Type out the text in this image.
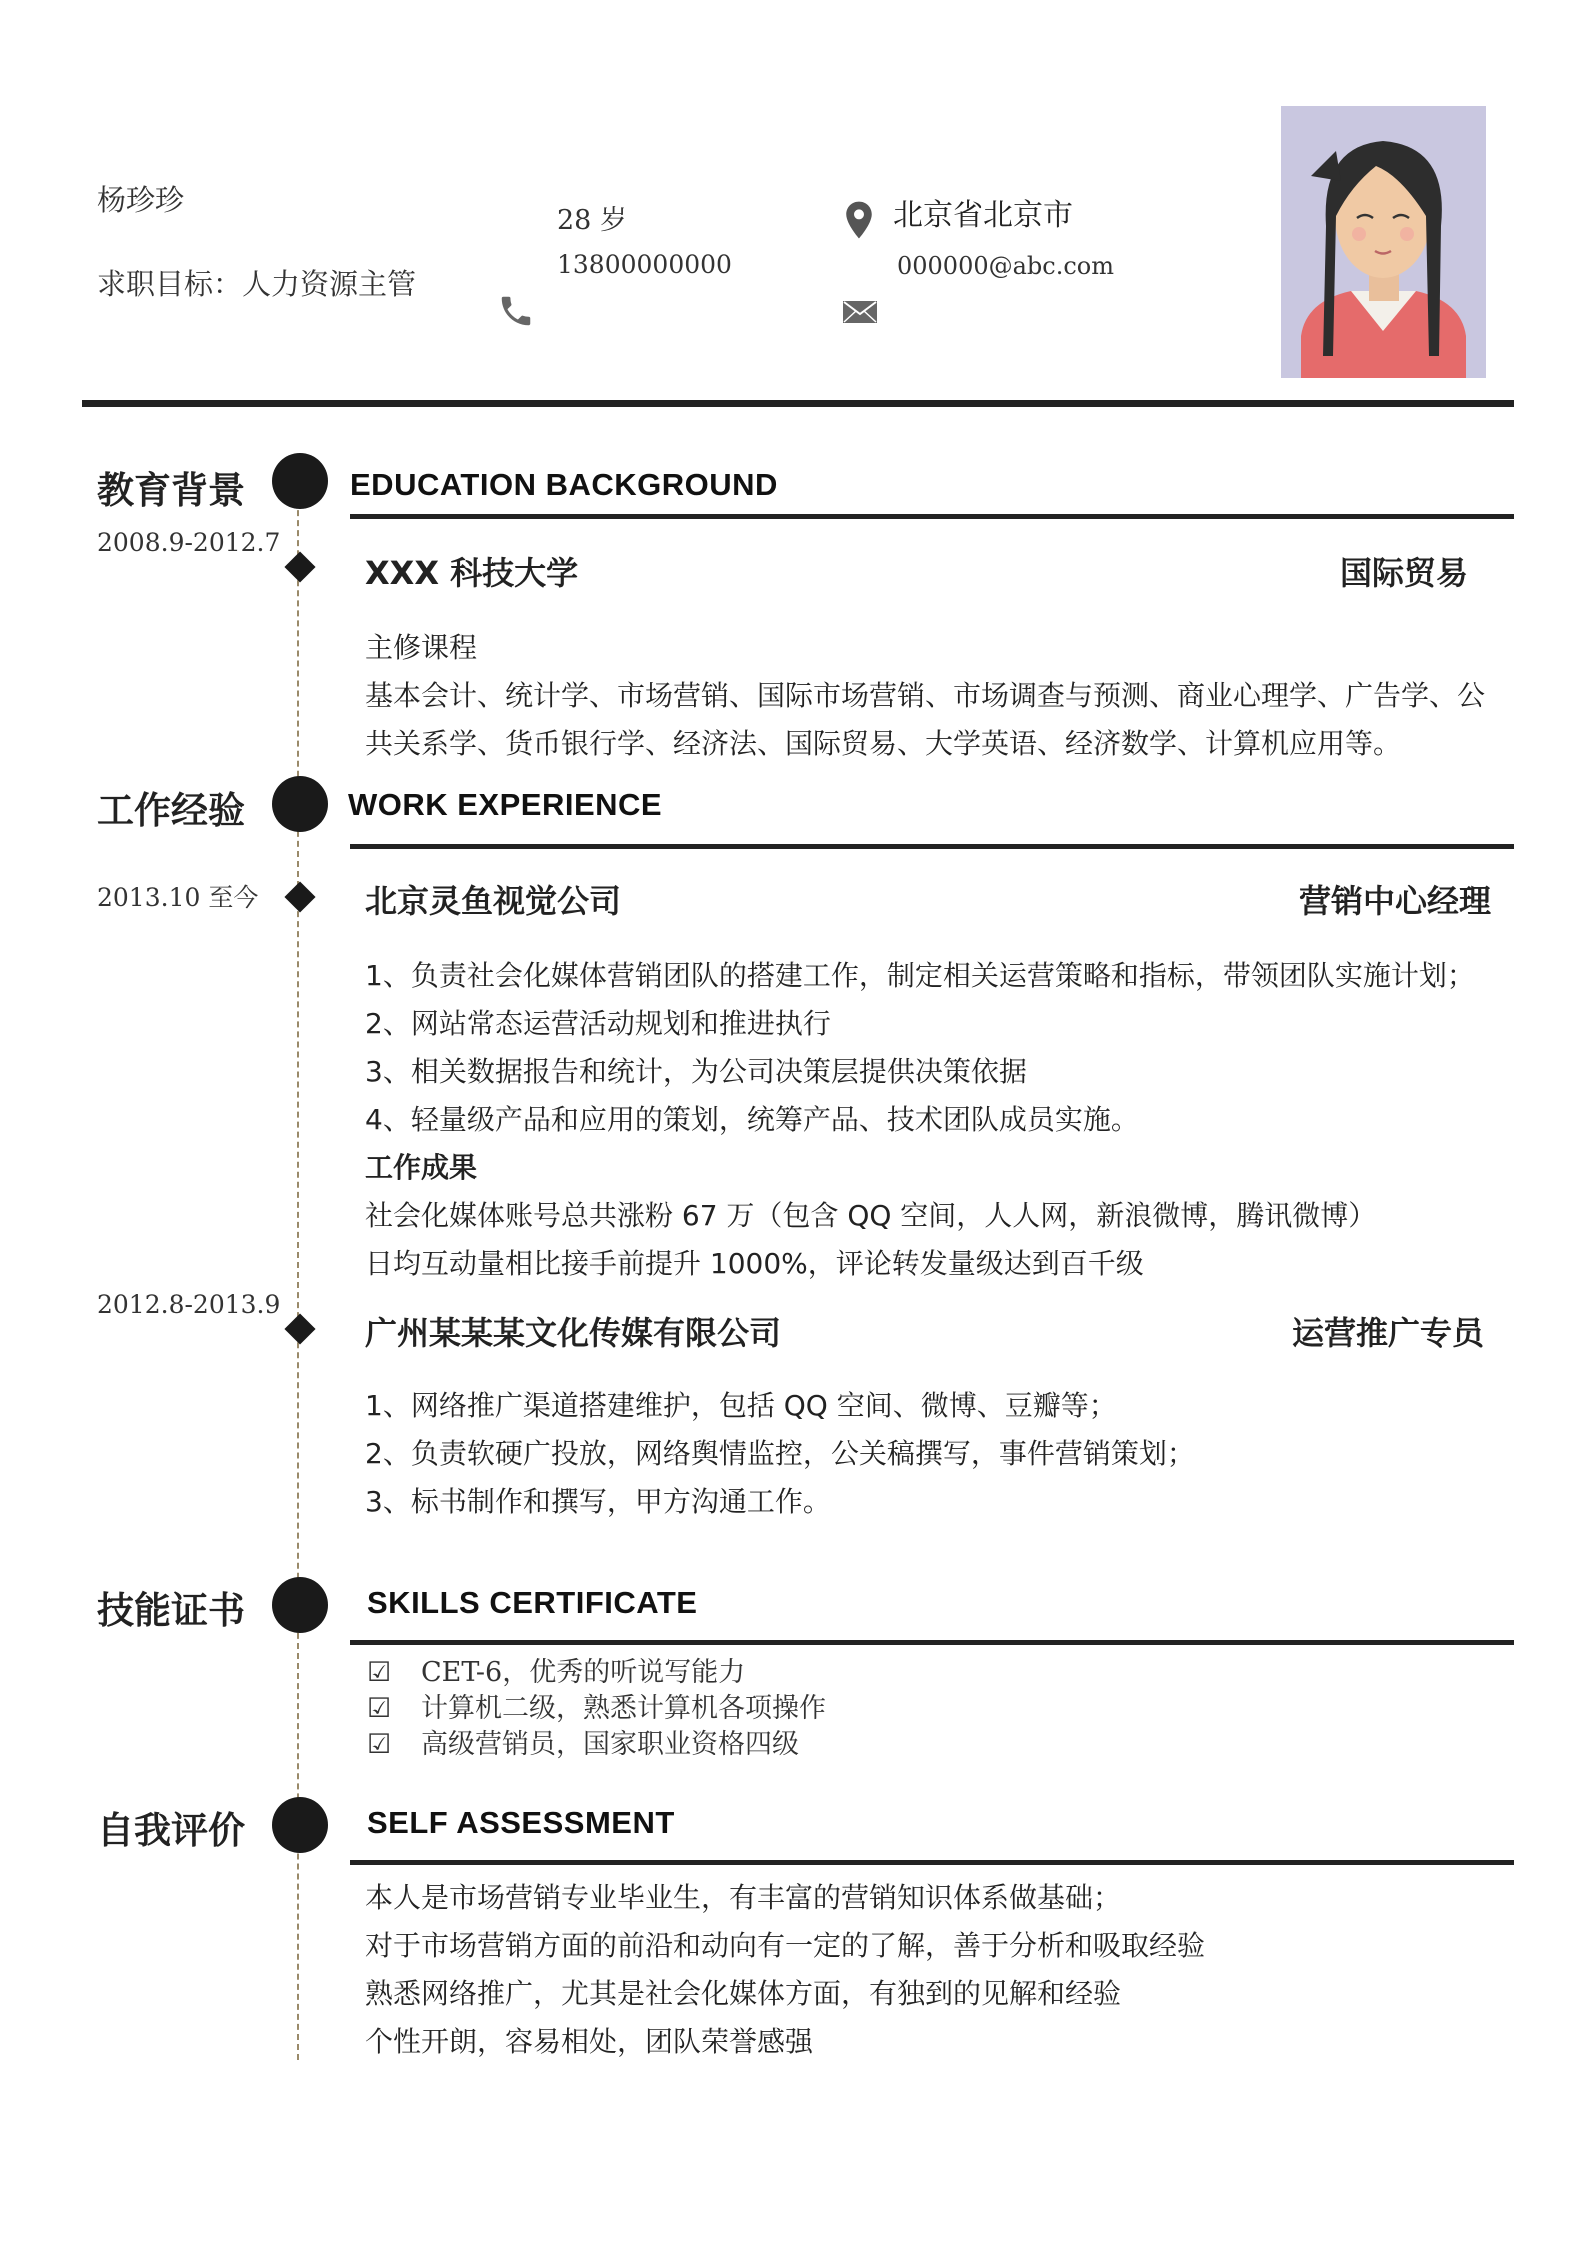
杨珍珍
求职目标：人力资源主管
28 岁
13800000000
北京省北京市
000000@abc.com
教育背景	EDUCATION BACKGROUND
2008.9-2012.7
XXX 科技大学	国际贸易
主修课程
基本会计、统计学、市场营销、国际市场营销、市场调查与预测、商业心理学、广告学、公
共关系学、货币银行学、经济法、国际贸易、大学英语、经济数学、计算机应用等。
工作经验	WORK EXPERIENCE
2013.10 至今	北京灵鱼视觉公司	营销中心经理
1、负责社会化媒体营销团队的搭建工作，制定相关运营策略和指标，带领团队实施计划；
2、网站常态运营活动规划和推进执行
3、相关数据报告和统计，为公司决策层提供决策依据
4、轻量级产品和应用的策划，统筹产品、技术团队成员实施。
工作成果
社会化媒体账号总共涨粉 67 万（包含 QQ 空间，人人网，新浪微博，腾讯微博）
日均互动量相比接手前提升 1000%，评论转发量级达到百千级
2012.8-2013.9
广州某某某文化传媒有限公司	运营推广专员
1、网络推广渠道搭建维护，包括 QQ 空间、微博、豆瓣等；
2、负责软硬广投放，网络舆情监控，公关稿撰写，事件营销策划；
3、标书制作和撰写，甲方沟通工作。
技能证书	SKILLS CERTIFICATE
☑ CET-6，优秀的听说写能力
☑ 计算机二级，熟悉计算机各项操作
☑ 高级营销员，国家职业资格四级
自我评价	SELF ASSESSMENT
本人是市场营销专业毕业生，有丰富的营销知识体系做基础；
对于市场营销方面的前沿和动向有一定的了解，善于分析和吸取经验
熟悉网络推广，尤其是社会化媒体方面，有独到的见解和经验
个性开朗，容易相处，团队荣誉感强
